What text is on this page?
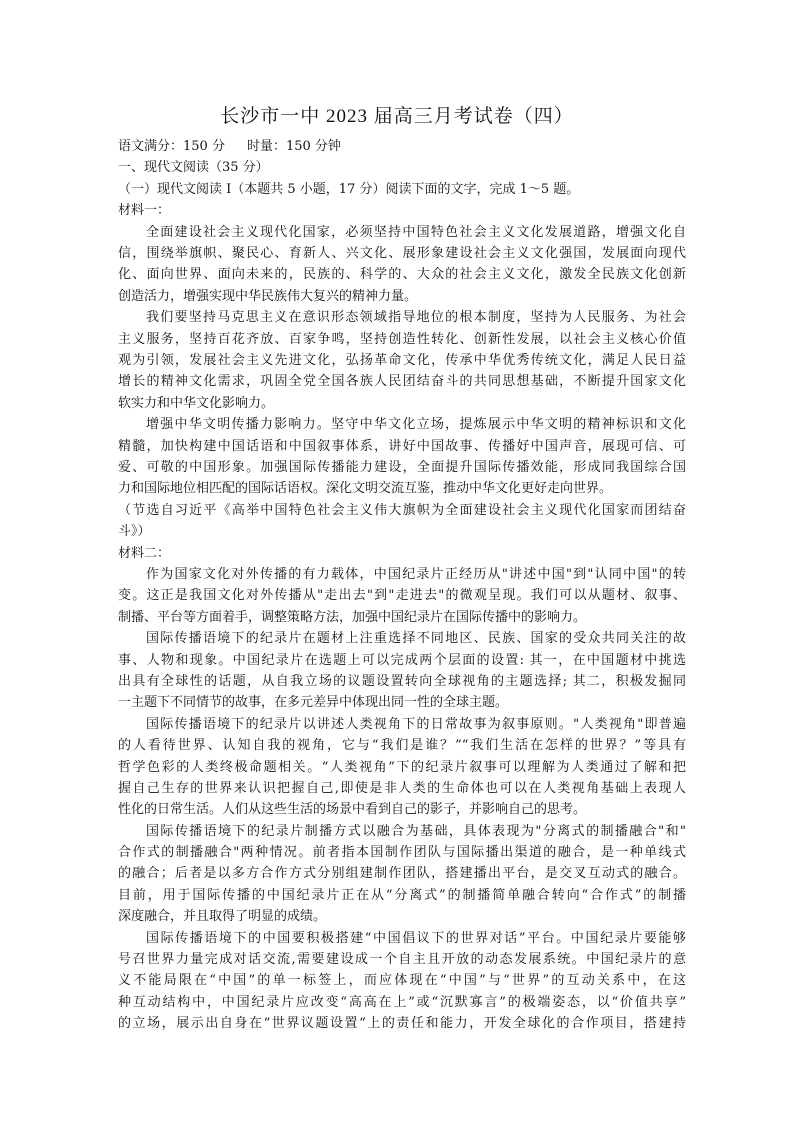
长沙市一中 2023 届高三月考试卷（四）
语文满分：150 分 时量：150 分钟
一、现代文阅读（35 分）
（一）现代文阅读 I（本题共 5 小题，17 分）阅读下面的文字，完成 1～5 题。
材料一：
全面建设社会主义现代化国家，必须坚持中国特色社会主义文化发展道路，增强文化自
信，围绕举旗帜、聚民心、育新人、兴文化、展形象建设社会主义文化强国，发展面向现代
化、面向世界、面向未来的，民族的、科学的、大众的社会主义文化，激发全民族文化创新
创造活力，增强实现中华民族伟大复兴的精神力量。
我们要坚持马克思主义在意识形态领域指导地位的根本制度，坚持为人民服务、为社会
主义服务，坚持百花齐放、百家争鸣，坚持创造性转化、创新性发展，以社会主义核心价值
观为引领，发展社会主义先进文化，弘扬革命文化，传承中华优秀传统文化，满足人民日益
增长的精神文化需求，巩固全党全国各族人民团结奋斗的共同思想基础，不断提升国家文化
软实力和中华文化影响力。
增强中华文明传播力影响力。坚守中华文化立场，提炼展示中华文明的精神标识和文化
精髓，加快构建中国话语和中国叙事体系，讲好中国故事、传播好中国声音，展现可信、可
爱、可敬的中国形象。加强国际传播能力建设，全面提升国际传播效能，形成同我国综合国
力和国际地位相匹配的国际话语权。深化文明交流互鉴，推动中华文化更好走向世界。
（节选自习近平《高举中国特色社会主义伟大旗帜为全面建设社会主义现代化国家而团结奋
斗》）
材料二：
作为国家文化对外传播的有力载体，中国纪录片正经历从"讲述中国"到"认同中国"的转
变。这正是我国文化对外传播从"走出去"到"走进去"的微观呈现。我们可以从题材、叙事、
制播、平台等方面着手，调整策略方法，加强中国纪录片在国际传播中的影响力。
国际传播语境下的纪录片在题材上注重选择不同地区、民族、国家的受众共同关注的故
事、人物和现象。中国纪录片在选题上可以完成两个层面的设置: 其一，在中国题材中挑选
出具有全球性的话题，从自我立场的议题设置转向全球视角的主题选择; 其二，积极发掘同
一主题下不同情节的故事，在多元差异中体现出同一性的全球主题。
国际传播语境下的纪录片以讲述人类视角下的日常故事为叙事原则。"人类视角"即普遍
的人看待世界、认知自我的视角，它与“我们是谁？”“我们生活在怎样的世界？”等具有
哲学色彩的人类终极命题相关。“人类视角”下的纪录片叙事可以理解为人类通过了解和把
握自己生存的世界来认识把握自己,即使是非人类的生命体也可以在人类视角基础上表现人
性化的日常生活。人们从这些生活的场景中看到自己的影子，并影响自己的思考。
国际传播语境下的纪录片制播方式以融合为基础，具体表现为"分离式的制播融合"和"
合作式的制播融合"两种情况。前者指本国制作团队与国际播出渠道的融合，是一种单线式
的融合；后者是以多方合作方式分别组建制作团队，搭建播出平台，是交叉互动式的融合。
目前，用于国际传播的中国纪录片正在从“分离式”的制播简单融合转向“合作式”的制播
深度融合，并且取得了明显的成绩。
国际传播语境下的中国要积极搭建“中国倡议下的世界对话”平台。中国纪录片要能够
号召世界力量完成对话交流,需要建设成一个自主且开放的动态发展系统。中国纪录片的意
义不能局限在“中国”的单一标签上，而应体现在“中国”与“世界”的互动关系中，在这
种互动结构中，中国纪录片应改变“高高在上”或“沉默寡言”的极端姿态，以“价值共享”
的立场，展示出自身在“世界议题设置“上的责任和能力，开发全球化的合作项目，搭建持
